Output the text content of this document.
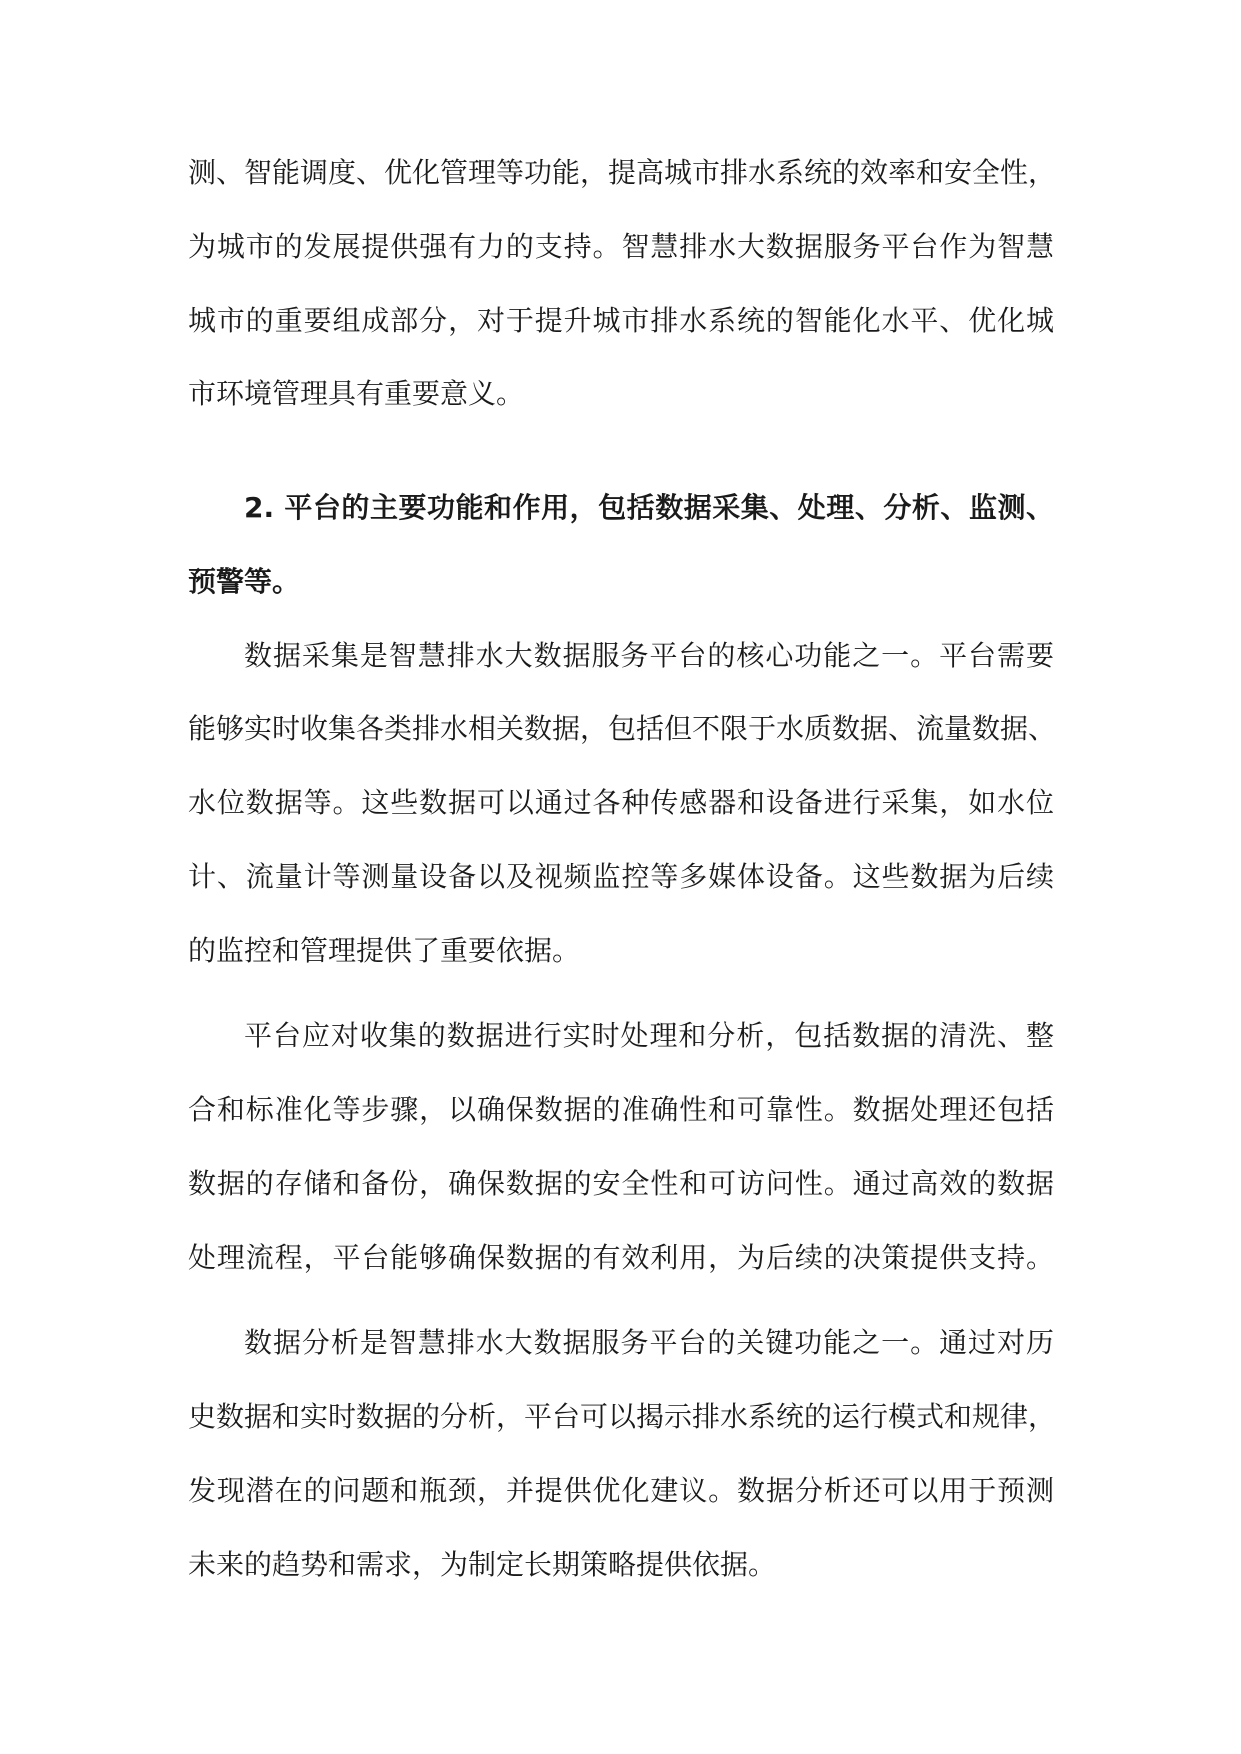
测、智能调度、优化管理等功能，提高城市排水系统的效率和安全性，
为城市的发展提供强有力的支持。智慧排水大数据服务平台作为智慧
城市的重要组成部分，对于提升城市排水系统的智能化水平、优化城
市环境管理具有重要意义。
2. 平台的主要功能和作用，包括数据采集、处理、分析、监测、
预警等。
数据采集是智慧排水大数据服务平台的核心功能之一。平台需要
能够实时收集各类排水相关数据，包括但不限于水质数据、流量数据、
水位数据等。这些数据可以通过各种传感器和设备进行采集，如水位
计、流量计等测量设备以及视频监控等多媒体设备。这些数据为后续
的监控和管理提供了重要依据。
平台应对收集的数据进行实时处理和分析，包括数据的清洗、整
合和标准化等步骤，以确保数据的准确性和可靠性。数据处理还包括
数据的存储和备份，确保数据的安全性和可访问性。通过高效的数据
处理流程，平台能够确保数据的有效利用，为后续的决策提供支持。
数据分析是智慧排水大数据服务平台的关键功能之一。通过对历
史数据和实时数据的分析，平台可以揭示排水系统的运行模式和规律，
发现潜在的问题和瓶颈，并提供优化建议。数据分析还可以用于预测
未来的趋势和需求，为制定长期策略提供依据。
